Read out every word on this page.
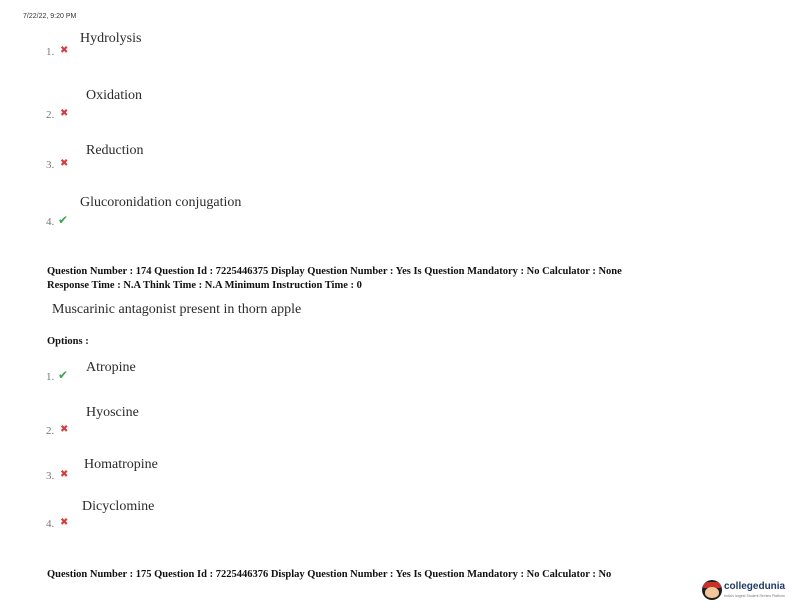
7/22/22, 9:20 PM
Hydrolysis
1. ✖
Oxidation
2. ✖
Reduction
3. ✖
Glucoronidation conjugation
4. ✔
Question Number : 174 Question Id : 7225446375 Display Question Number : Yes Is Question Mandatory : No Calculator : None
Response Time : N.A Think Time : N.A Minimum Instruction Time : 0
Muscarinic antagonist present in thorn apple
Options :
1. ✔ Atropine
Hyoscine
2. ✖
Homatropine
3. ✖
Dicyclomine
4. ✖
Question Number : 175 Question Id : 7225446376 Display Question Number : Yes Is Question Mandatory : No Calculator : No
collegedunia
India's largest Student Review Platform
